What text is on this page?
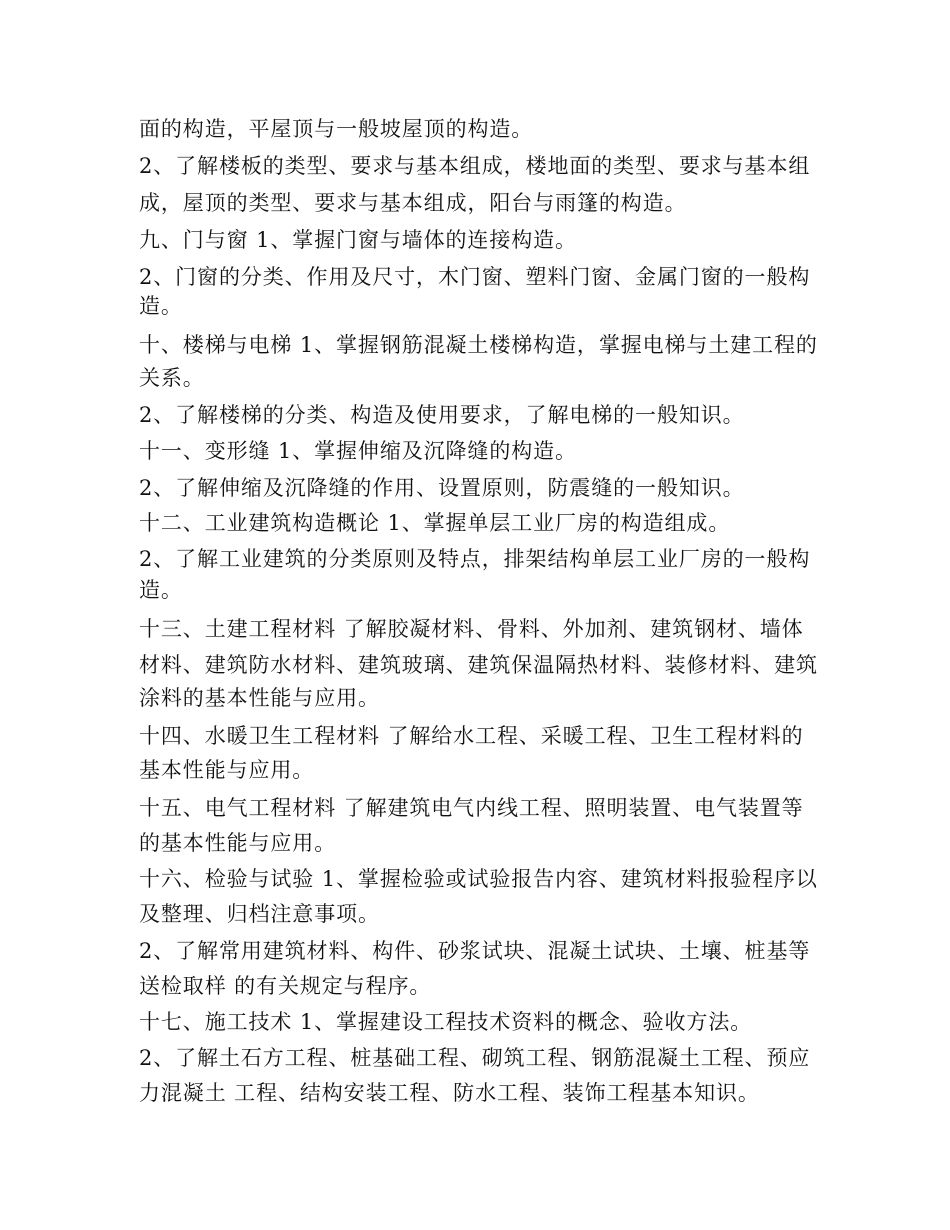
面的构造，平屋顶与一般坡屋顶的构造。
2、了解楼板的类型、要求与基本组成，楼地面的类型、要求与基本组
成，屋顶的类型、要求与基本组成，阳台与雨篷的构造。
九、门与窗 1、掌握门窗与墙体的连接构造。
2、门窗的分类、作用及尺寸，木门窗、塑料门窗、金属门窗的一般构
造。
十、楼梯与电梯 1、掌握钢筋混凝土楼梯构造，掌握电梯与土建工程的
关系。
2、了解楼梯的分类、构造及使用要求，了解电梯的一般知识。
十一、变形缝 1、掌握伸缩及沉降缝的构造。
2、了解伸缩及沉降缝的作用、设置原则，防震缝的一般知识。
十二、工业建筑构造概论 1、掌握单层工业厂房的构造组成。
2、了解工业建筑的分类原则及特点，排架结构单层工业厂房的一般构
造。
十三、土建工程材料 了解胶凝材料、骨料、外加剂、建筑钢材、墙体
材料、建筑防水材料、建筑玻璃、建筑保温隔热材料、装修材料、建筑
涂料的基本性能与应用。
十四、水暖卫生工程材料 了解给水工程、采暖工程、卫生工程材料的
基本性能与应用。
十五、电气工程材料 了解建筑电气内线工程、照明装置、电气装置等
的基本性能与应用。
十六、检验与试验 1、掌握检验或试验报告内容、建筑材料报验程序以
及整理、归档注意事项。
2、了解常用建筑材料、构件、砂浆试块、混凝土试块、土壤、桩基等
送检取样 的有关规定与程序。
十七、施工技术 1、掌握建设工程技术资料的概念、验收方法。
2、了解土石方工程、桩基础工程、砌筑工程、钢筋混凝土工程、预应
力混凝土 工程、结构安装工程、防水工程、装饰工程基本知识。
